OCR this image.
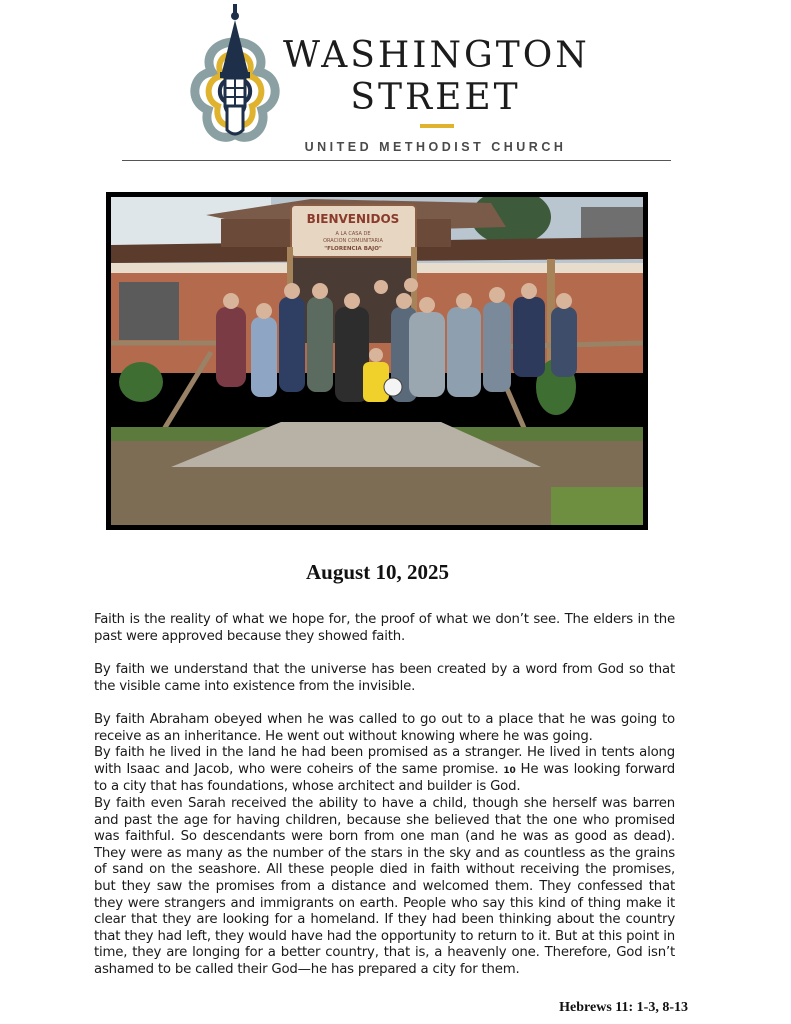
WASHINGTON
STREET
UNITED METHODIST CHURCH
BIENVENIDOS
A LA CASA DE
ORACION COMUNITARIA
"FLORENCIA BAJO"
August 10, 2025

Faith is the reality of what we hope for, the proof of what we don’t see. The elders in the past were approved because they showed faith.

By faith we understand that the universe has been created by a word from God so that the visible came into existence from the invisible.

By faith Abraham obeyed when he was called to go out to a place that he was going to receive as an inheritance. He went out without knowing where he was going.

By faith he lived in the land he had been promised as a stranger. He lived in tents along with Isaac and Jacob, who were coheirs of the same promise. 10 He was looking forward to a city that has foundations, whose architect and builder is God.

By faith even Sarah received the ability to have a child, though she herself was barren and past the age for having children, because she believed that the one who promised was faithful. So descendants were born from one man (and he was as good as dead). They were as many as the number of the stars in the sky and as countless as the grains of sand on the seashore. All these people died in faith without receiving the promises, but they saw the promises from a distance and welcomed them. They confessed that they were strangers and immigrants on earth. People who say this kind of thing make it clear that they are looking for a homeland. If they had been thinking about the country that they had left, they would have had the opportunity to return to it. But at this point in time, they are longing for a better country, that is, a heavenly one. Therefore, God isn’t ashamed to be called their God—he has prepared a city for them.

Hebrews 11: 1-3, 8-13
